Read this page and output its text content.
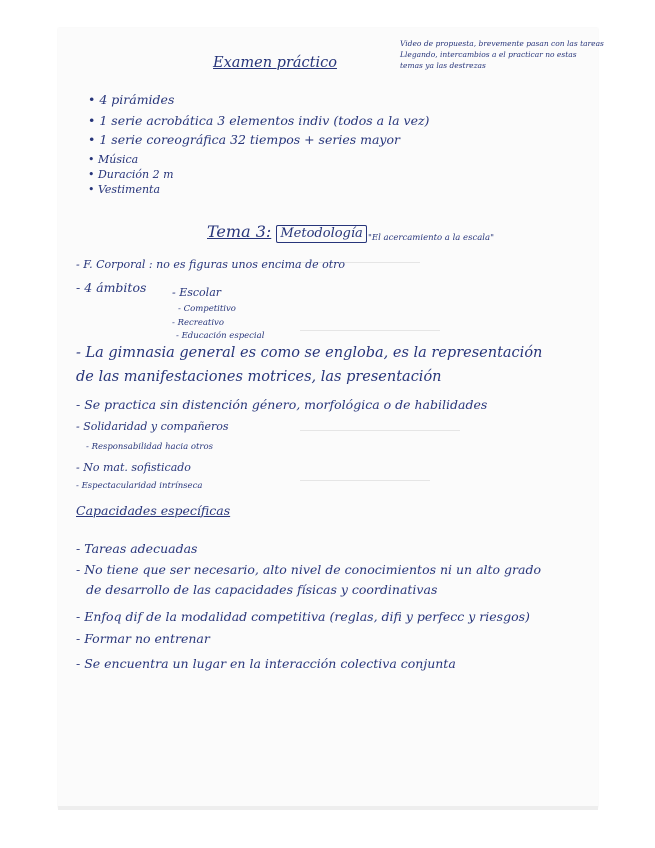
Video de propuesta, brevemente pasan con las tareas
Llegando, intercambios a el practicar no estas
temas ya las destrezas
Examen práctico
• 4 pirámides
• 1 serie acrobática 3 elementos indiv (todos a la vez)
• 1 serie coreográfica 32 tiempos + series mayor
• Música
• Duración 2 m
• Vestimenta
Tema 3: Metodología "El acercamiento a la escala"
- F. Corporal : no es figuras unos encima de otro
- 4 ámbitos - Escolar
- Competitivo
- Recreativo
- Educación especial
- La gimnasia general es como se engloba, es la representación
de las manifestaciones motrices, las presentación
- Se practica sin distención género, morfológica o de habilidades
- Solidaridad y compañeros
- Responsabilidad hacia otros
- No mat. sofisticado
- Espectacularidad intrínseca
Capacidades específicas
- Tareas adecuadas
- No tiene que ser necesario, alto nivel de conocimientos ni un alto grado
de desarrollo de las capacidades físicas y coordinativas
- Enfoq dif de la modalidad competitiva (reglas, difi y perfecc y riesgos)
- Formar no entrenar
- Se encuentra un lugar en la interacción colectiva conjunta
